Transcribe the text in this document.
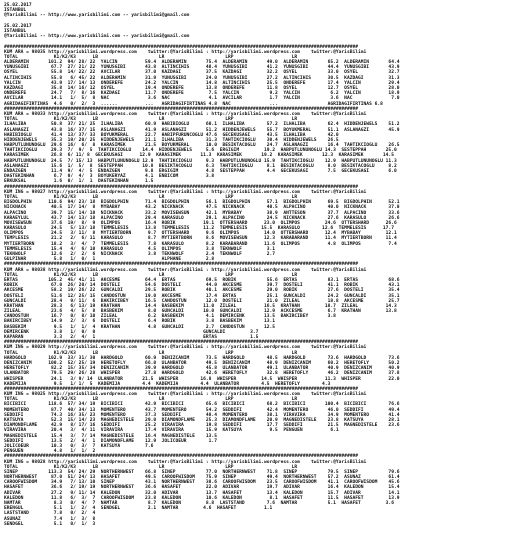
25.02.2017
ISTANBUL
@YarisBilimi -- http://www.yarisbilimi.com -- yarisbilimi@gmail.com
25.02.2017
ISTANBUL
@YarisBilimi -- http://www.yarisbilimi.com -- yarisbilimi@gmail.com
################################################################################################################################
KUM ARA = 98035 http://yarisbilimi.wordpress.com    twitter:@YarisBilimi : http://yarisbilimi.wordpress.com    twitter:@YarisBilimi
TOTAL             K1/K2/K3      LB                      LR                      LRP                     LR
ALDERAMIN       101.2  94/ 28/ 22  YALCIN          59.4  ALDERAMIN       75.4  ALDERAMIN       49.0  ALDERAMIN       65.2  ALDERAMIN       64.4
YUNUSGIBI        67.7  27/ 21/ 22  YUNUSGIBI       43.8  ALTINCIHIS      48.4  YUNUSGIBI       41.2  YUNUSGIBI       44.4  YUNUSGIBI       43.9
OSYEL            55.8  14/ 22/ 22  AVCILAR         37.0  KAZDAGI         37.5  KAZDAGI         32.2  OSYEL           33.0  OSYEL           32.7
ALTINCIHIS       55.8   6/ 45/ 22  ALDERAMIN       31.9  YUNUSGIBI       24.0  YUNUSGIBI       27.2  ALTINCIHIS      30.5  KAZDAGI         31.3
YALCIN           43.9  17/ 14/ 13  ONDEREFE        24.2  YALCIN          14.8  ALTINCIHIS      25.5  ONDEREFE        17.4  YALCIN          29.4
KAZDAGI          35.8  14/ 16/ 12  OSYEL           19.4  ONDEREFE        13.8  ONDEREFE        11.8  OSYEL           12.7  OSYEL           28.0
ONDEREFE         24.7   7/  8/ 16  KAZDAGI         11.7  ONDEREFE         7.5  YALCIN           9.2  YALCIN           6.2  YALCIN          18.9
AVCILAR          14.1   1/  5/  8  NAC              3.6  NAC              4.1  AVCILAR          1.7  YALCIN           3.6  NAC              7.0
AGRIDAGIFIRTINAS  4.6   0/  2/  3  ......          ...   AGRIDAGIFIRTINAS 4.8  NAC              ...                  AGRIDAGIFIRTINAS 6.8
################################################################################################################################
KUM ARA = 98033 http://yarisbilimi.wordpress.com    twitter:@YarisBilimi : http://yarisbilimi.wordpress.com    twitter:@YarisBilimi
TOTAL             K1/K2/K3      LB                      LR                      LRP                     LR
ILHALIBA         50.8  37/ 21/ 25  ILHALIBA        60.9  HABIBIOGLU      60.1  ILHALIBA        57.2  ILHALIBA        62.4  HIDDENJEWELS    51.2
ASLANAGZI        43.8  16/ 37/ 15  ASLANAGZI       41.9  ASLANAGZI       51.2  HIDDENJEWELS    55.7  BOYUKMERAL      51.1  ASLANAGZI       45.9
HABIBIOGLU       41.4  13/ 37/ 33  BOYUKMERAL      22.7  HABIPFURUNCOGLU 47.6  GECEKUSAGI      43.5  ILHALIBA        42.0
HIDDENJEWELS     35.3  19/ 20/ 25  HIDDENJEWELS    21.1  ILHALIBA        31.3  TAHTIKCIOGLU    30.4  HIDDENJEWELS    26.5
HABPUTLUNUNOGLU  29.6  16/  6/  8  KARASIMEK       21.5  BOYUKMERAL      10.0  BESIKTACOGLU    24.7  ASLANAGZI       16.4  TAHTIKCIOGLU    26.5
TAHTIKCIOGLU     29.3  7/  9/  5  TAHTIKCIOGLU    14.4  HIDDENJEWELS     5.6  ERGIGIM         19.2  HABPUTLUNUNOGLU 14.3  SESTEPPAH       25.0
KARASIMEK        26.8  6/ 11/ 8  GECEKUSAGI      12.9  KARASIMEK       11.3  KARASIMEK       19.2  KARASIMEK       12.3  KARASIMEK       14.5
HABPUTLUNUNOGLU  24.5  7/ 15/ 13  HABPUTLUNUNOGLU 12.9  TAHTIKCIOGLU     9.3  HABPUTLUNUNOGLU 15.9  TAHTIKCIOGLU    12.9  HABPUTLUNUNOGLU 11.3
ASLANAGZI        15.6  1/  5/  8  SESTEPPAH       10.8  BESIKTACOGLU     6.3  TAHTIKCIOGLU     8.1  BESIKTACOGLU     8.0  BESIKTACOGLU     8.2
ENDAZGEN         11.4  9/  4/  5  ENDAZGEN         9.8  ERGIGIM          4.8  SESTEPPAH        4.4  GECEKUSAGI       7.5  GECEKUSAGI       6.0
DAGTEKINHAN       6.7  0/  4/  3  BOYUKERYAZ       4.1  ENBICOM          3.8
ERKUKSAL          1.6  0/  1/  1  DAGTEKINHAN      1.5
################################################################################################################################
KUM ING = 98027 http://yarisbilimi.wordpress.com    twitter:@YarisBilimi : http://yarisbilimi.wordpress.com    twitter:@YarisBilimi
TOTAL             K1/K2/K3      LB                      LR                      LRP                     LR
BIGDOLPHIN      110.6  94/ 23/ 18  BIGDOLPHIN      71.4  BIGDOLPHIN      56.1  BIGDOLPHIN      57.1  BIGDOLPHIN      69.5  BIGDOLPHIN      52.1
NICKNACK         40.5  17/ 14/  8  MYBABAY         43.2  NICKNACK        47.5  NICKNACK        40.5  ALPACINO        40.0  NICKNACK        37.0
ALPACINO         39.7  15/ 14/ 10  NICKNACK        33.2  MOVISEWSUN      42.1  MYBABAY         38.9  ANTTESON        37.7  ALPACINO        33.6
KARAEYLUL        43.7  14/ 13/ 18  ALPACINO        29.4  KARASULO        29.1  ALPACINO        24.5  NICKNACK        27.6  KARASULO        26.6
MOVISEWSUN       37.6  19/  8/  9  OLIMPOS         16.4  ROBIK          19.1  OTTERSHARD      23.0  OLIMPOS         24.6  OTTERSHARD      26.6
KARASULO         24.5   5/ 13/ 18  TEMMELESIS      13.8  TEMMELESIS     11.2  TEMMELESIS     15.5  KARASULO        12.6  TEMMELESIS      17.7
OLIMPOS          24.5   3/ 11/  8  MYTIERTBORN      9.7  OTTERSHARD      9.6  OLIMPOS         14.0  OTTERSHARD      12.4  MYBABAY         12.1
TEMPLESIS        21.2   2/  6/ 11  KARASULO         8.7  MYTIERTBORN     8.6  MOVISEWSUN      12.3  KARABARAND      11.4  MYTIERTBORN     11.4
MYTIERTBORN      18.2   3/  4/  7  TEMMELESIS       7.8  KARASULO        8.2  KARABARAND      11.6  OLIMPOS          4.8  OLIMPOS          7.4
TEMMELESIS       15.4   4/  6/ 10  KARASULO         4.5  OLIMPOS         3.8  TEKNWOLF         3.1
TEKNWOLF         12.6   2/  2/  6  NICKNACK         3.8  TEKNWOLF        2.4  TEKNWOLF         2.7
GULPINAR          5.8   1/  0/  1                        ALPHANE         2.8
################################################################################################################################
KUM ARA = 98038 http://yarisbilimi.wordpress.com    twitter:@YarisBilimi : http://yarisbilimi.wordpress.com    twitter:@YarisBilimi
TOTAL             K1/K2/K3      LB                      LR                      LRP                     LR
ERTAS           105.2  45/ 41/ 11  AKCESME         64.4  ERTAS           69.5  ROBIK           55.6  ERTAS           83.1  ERTAS           68.6
ROBIK            67.0  26/ 20/ 14  DOSTELI         54.6  DOSTELI         44.0  AKCESME         39.7  DOSTELI         41.1  ROBIK           43.1
AKCESME          58.2  19/ 26/ 22  GUNCALDI        29.5  ROBIK           40.1  AKCESME         29.0  ROBIK           27.6  DOSTELI         35.4
DOSTELI          51.6  12/ 25/ 15  CANDOSTUN       19.0  AKCESME         17.4  ERTAS           25.1  GUNCALDI        24.2  GUNCALDI        35.1
GUNCALDI         28.4   9/ 11/  6  BAKIRCIBEY      16.5  CANDOSTUN       12.0  DOSTELI         21.0  ZILEAL          18.8  AKCESME         25.7
KRATHAN          28.3   6/ 13/ 19  KRATHAN         14.4  BASBEKIM       11.0  ZILEAL          16.5  KRATHAN         18.7  ZILEAL          14.3
ZILEAL           23.6   4/  5/  8  BASBEKIM         8.0  GUNCALDI       10.0  GUNCALDI        12.9  ACKCESME         6.7  KRATHAN         13.8
CANDOSTUN        16.7   0/  8/ 10  ZILEAL           6.2  BASBEKIM        4.1  DEMIRCENK       13.5  BAKIRCIBEY       3.8
BAKIRCIBEY       14.9   2/  3/  6  DOSTELI          6.4  ROBIK           3.8  BASBEKIM        13.1
BASBEKIM          9.5   1/  1/  4  KRATHAN          4.8  GUNCALDI        2.7  CANDOSTUN       12.5
DEMIRCENK         3.8   1/  0/  0                                       GUNCALDI         3.7
KAPARAN           3.3   2/  4/  1                                       ERTAS            1.5
################################################################################################################################
KUM ING = 98029 http://yarisbilimi.wordpress.com    twitter:@YarisBilimi : http://yarisbilimi.wordpress.com    twitter:@YarisBilimi
TOTAL             K1/K2/K3      LB                      LR                      LRP                     LR
HARDGOLD        102.9  33/ 31/ 30  HARDGOLD        60.9  DENIZCANIM      73.5  HARDGOLD        48.5  HARDGOLD        73.6  HARDGOLD        73.6
DENIZCANIM      100.2  52/ 25/ 19  HERETOFLY       66.0  ULANBATOR       49.5  DENIZCANIM      48.9  DENIZCANIM      60.2  HERETOFLY       50.2
HERETOFLY        82.2  15/ 35/ 34  DENIZCANIM      39.9  HARDGOLD        45.8  ULANBATOR       49.1  ULANBATOR       40.9  DENIZCANIM      40.9
ULANBATOR        79.5  29/ 26/ 28  WHISPER         27.8  HARDGOLD        42.6  HERETOFLY       32.8  HERETOFLY       46.2  DENIZCANIM      37.8
WHISPER          24.1   3/ 9/ 14  ULANBATOR       21.5  WHISPER        16.8  WHISPER         14.5  WHISPER          11.3  WHISPER          22.0
KADEMIJA          9.5   1/ 1/  5  KADEMIJA        4.4  KADEMIJA        4.4  ULANBATOR        4.5  HERETOFLY        4.3
################################################################################################################################
KUM ING = 98025 http://yarisbilimi.wordpress.com    twitter:@YarisBilimi : http://yarisbilimi.wordpress.com    twitter:@YarisBilimi
TOTAL             K1/K2/K3      LB                      LR                      LRP                     LR
BICIBICI        118.6  57/ 34/ 19  BICIBICI        42.9  BICIBICI        65.6  BICIBICI        68.2  BICIBICI       100.4  BICIBICI        76.6
MOMENTERO        87.7  40/ 34/ 13  MOMENTERO       43.7  MOMENTERO       54.2  SEDDIFI         42.4  MOMENTERO       46.0  SEDDIFI         49.4
SEDDIFI          74.3  16/ 35/ 23  MOMENTERO       37.3  SEDDIFI         48.4  MOMENTERO       38.1  VIRAVIRA        34.9  MOMENTERO       41.4
KATSUYA          52.3  15/ 14/ 23  MAGNEDISTELE    29.0  DIAMONDFLAME    25.3  DIAMONDFLAME    20.9  MAGNEDISTELE    23.8  KATSUYA         28.1
DIAMONDFLAME     42.9   8/ 17/ 16  SEDDIFI         25.2  VIRAVIRA        19.8  SEDDIFI         17.7  SEDDIFI         21.5  MAGNEDISTELE    23.6
VIRAVIRA         20.4   3/  4/ 11  VIRAVIRA        17.4  VIRAVIRA        15.9  KATSUYA          9.5  PENGUEN          6.1
MAGNEDISTELE     15.4   3/  7/ 14  MAGNEDISTELE    16.4  MAGNEDISTELE    13.5
SEDDIFI          13.5   2/  4/  1  DIAMONDFLAME    12.9  JOLICOEUR        1.7
JOLICOEUR        10.3   0/  3/  7  KATSUYA         7.6
PENGUEN           4.8   1/  1/  2
################################################################################################################################
KUM ING = 98028 http://yarisbilimi.wordpress.com    twitter:@YarisBilimi : http://yarisbilimi.wordpress.com    twitter:@YarisBilimi
TOTAL             K1/K2/K3      LB                      LR                      LRP                     LR
SINEP           113.3  54/ 24/ 29  NORTHERNWEST    66.8  SINEP           77.0  NORTHERNWEST    71.8  SINEP           79.5  SINEP           79.6
NORTHERNWEST     87.0  51/ 24/ 13  HASAFET         49.5  CAROOFWISDOM    75.9  SINEP           49.4  NORTHERNWEST    57.2  ASUNAZ          61.4
CAROOFWISDOM     34.9   7/ 13/ 10  SINEP           43.1  NORTHERNWEST    38.6  CAROOFWISDOM    23.5  CAROOFWISDOM    41.1  CAROOFWISDOM    45.6
HASAFET          36.6   2/ 19/ 19  NORTHERNWEST    36.6  HASAFET         22.0  ADIVAR          19.7  ADIVAR          16.4  KALEDON         15.4
ADIVAR           27.2   9/ 11/ 14  KALEDON         32.0  ADIVAR          13.7  HASAFET         13.4  KALEDON         15.7  ADIVAR          14.1
KALEDON          11.8   6/  3/  7  CAROOFWISDOM    23.8  KALEDON         10.6  KALEDON          8.1  HASAFET         11.5  HASAFET         13.9
NAMTAR            8.3   0/  4/  7  NAMTAR           8.7  KALEDON         8.8  LASTSTAND        7.6  NAMTAR           5.1  HASAFET         3.6
ERENGUL           5.1   1/  2/  4  SENDGEL          2.1  NAMTAR         4.6  HASAFET          1.1
LASTSTAND         7.8   0/  2/  4
ASUNAZ            7.4   1/  3/  8
SENDGEL           5.1   0/  1/  3
